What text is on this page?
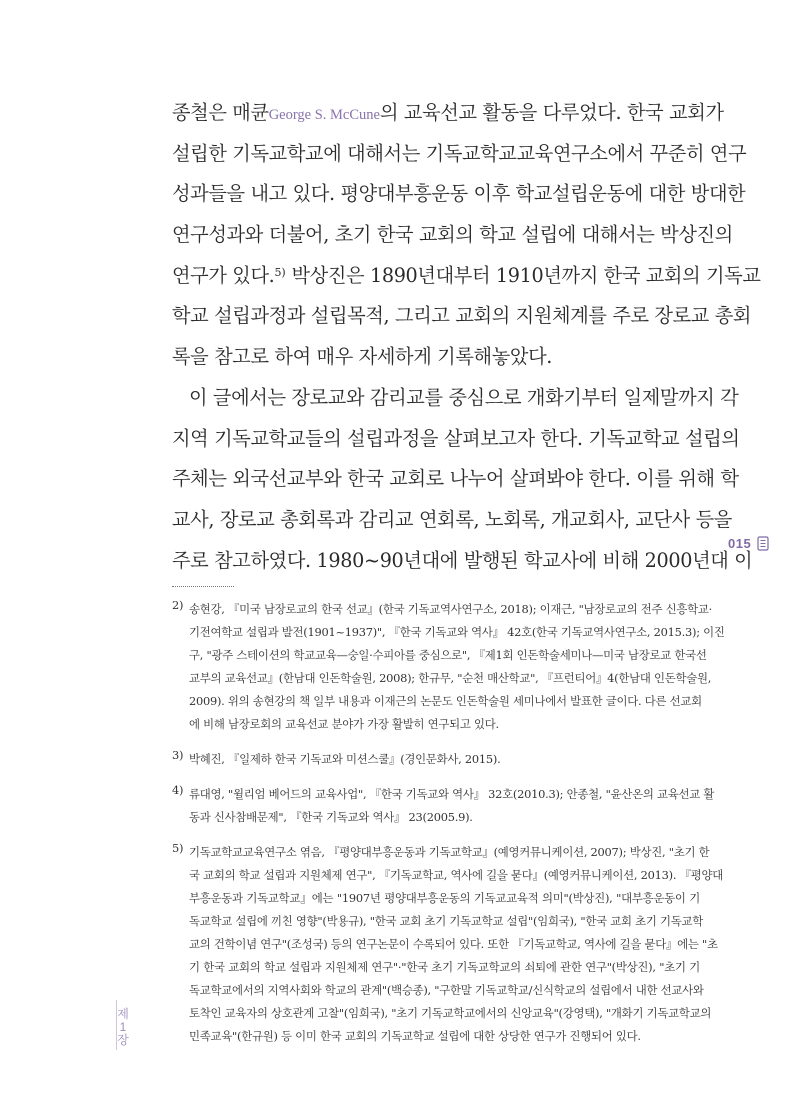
종철은 매큔George S. McCune의 교육선교 활동을 다루었다. 한국 교회가
설립한 기독교학교에 대해서는 기독교학교교육연구소에서 꾸준히 연구
성과들을 내고 있다. 평양대부흥운동 이후 학교설립운동에 대한 방대한
연구성과와 더불어, 초기 한국 교회의 학교 설립에 대해서는 박상진의
연구가 있다.$^{5)}$ 박상진은 1890년대부터 1910년까지 한국 교회의 기독교
학교 설립과정과 설립목적, 그리고 교회의 지원체계를 주로 장로교 총회
록을 참고로 하여 매우 자세하게 기록해놓았다.

이 글에서는 장로교와 감리교를 중심으로 개화기부터 일제말까지 각
지역 기독교학교들의 설립과정을 살펴보고자 한다. 기독교학교 설립의
주체는 외국선교부와 한국 교회로 나누어 살펴봐야 한다. 이를 위해 학
교사, 장로교 총회록과 감리교 연회록, 노회록, 개교회사, 교단사 등을
주로 참고하였다. 1980~90년대에 발행된 학교사에 비해 2000년대 이

015
2) 송현강, 『미국 남장로교의 한국 선교』(한국 기독교역사연구소, 2018); 이재근, "남장로교의 전주 신흥학교·
기전여학교 설립과 발전(1901~1937)", 『한국 기독교와 역사』 42호(한국 기독교역사연구소, 2015.3); 이진
구, "광주 스테이션의 학교교육—숭일·수피아를 중심으로", 『제1회 인돈학술세미나—미국 남장로교 한국선
교부의 교육선교』(한남대 인돈학술원, 2008); 한규무, "순천 매산학교", 『프런티어』4(한남대 인돈학술원,
2009). 위의 송현강의 책 일부 내용과 이재근의 논문도 인돈학술원 세미나에서 발표한 글이다. 다른 선교회
에 비해 남장로회의 교육선교 분야가 가장 활발히 연구되고 있다.
3) 박혜진, 『일제하 한국 기독교와 미션스쿨』(경인문화사, 2015).
4) 류대영, "윌리엄 베어드의 교육사업", 『한국 기독교와 역사』 32호(2010.3); 안종철, "윤산온의 교육선교 활
동과 신사참배문제", 『한국 기독교와 역사』 23(2005.9).
5) 기독교학교교육연구소 엮음, 『평양대부흥운동과 기독교학교』(예영커뮤니케이션, 2007); 박상진, "초기 한
국 교회의 학교 설립과 지원체제 연구", 『기독교학교, 역사에 길을 묻다』(예영커뮤니케이션, 2013). 『평양대
부흥운동과 기독교학교』에는 "1907년 평양대부흥운동의 기독교교육적 의미"(박상진), "대부흥운동이 기
독교학교 설립에 끼친 영향"(박용규), "한국 교회 초기 기독교학교 설립"(임희국), "한국 교회 초기 기독교학
교의 건학이념 연구"(조성국) 등의 연구논문이 수록되어 있다. 또한 『기독교학교, 역사에 길을 묻다』에는 "초
기 한국 교회의 학교 설립과 지원체제 연구"·"한국 초기 기독교학교의 쇠퇴에 관한 연구"(박상진), "초기 기
독교학교에서의 지역사회와 학교의 관계"(백승종), "구한말 기독교학교/신식학교의 설립에서 내한 선교사와
토착인 교육자의 상호관계 고찰"(임희국), "초기 기독교학교에서의 신앙교육"(강영택), "개화기 기독교학교의
민족교육"(한규원) 등 이미 한국 교회의 기독교학교 설립에 대한 상당한 연구가 진행되어 있다.
제
1
장
